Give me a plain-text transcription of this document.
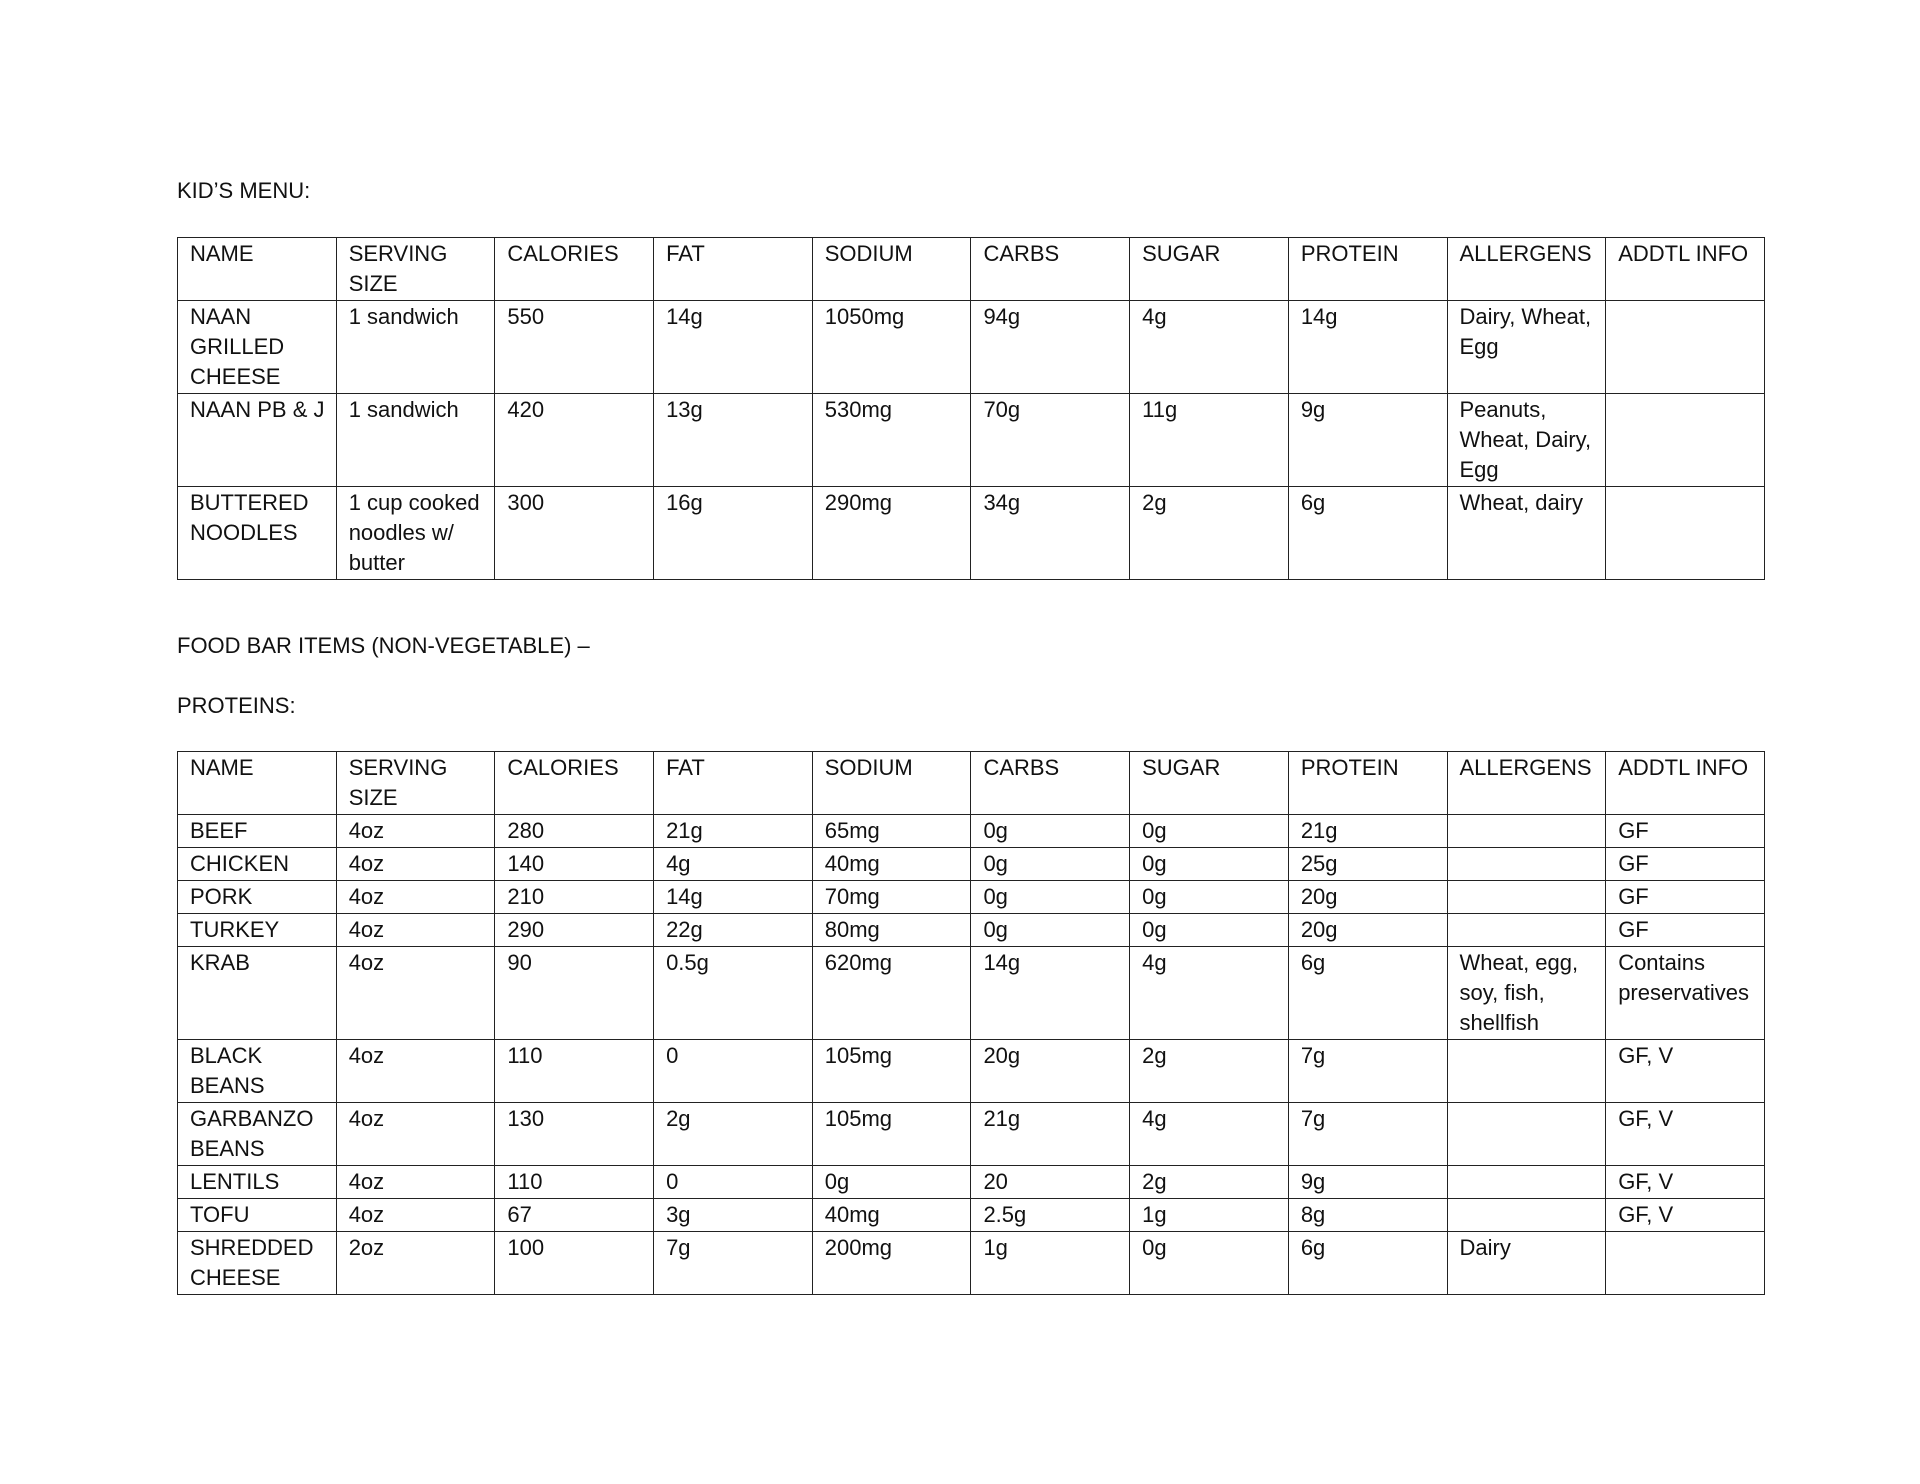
KID’S MENU:
NAME	SERVING SIZE	CALORIES	FAT	SODIUM	CARBS	SUGAR	PROTEIN	ALLERGENS	ADDTL INFO
NAAN GRILLED CHEESE	1 sandwich	550	14g	1050mg	94g	4g	14g	Dairy, Wheat, Egg	
NAAN PB & J	1 sandwich	420	13g	530mg	70g	11g	9g	Peanuts, Wheat, Dairy, Egg	
BUTTERED NOODLES	1 cup cooked noodles w/ butter	300	16g	290mg	34g	2g	6g	Wheat, dairy	
FOOD BAR ITEMS (NON-VEGETABLE) –
PROTEINS:
NAME	SERVING SIZE	CALORIES	FAT	SODIUM	CARBS	SUGAR	PROTEIN	ALLERGENS	ADDTL INFO
BEEF	4oz	280	21g	65mg	0g	0g	21g		GF
CHICKEN	4oz	140	4g	40mg	0g	0g	25g		GF
PORK	4oz	210	14g	70mg	0g	0g	20g		GF
TURKEY	4oz	290	22g	80mg	0g	0g	20g		GF
KRAB	4oz	90	0.5g	620mg	14g	4g	6g	Wheat, egg, soy, fish, shellfish	Contains preservatives
BLACK BEANS	4oz	110	0	105mg	20g	2g	7g		GF, V
GARBANZO BEANS	4oz	130	2g	105mg	21g	4g	7g		GF, V
LENTILS	4oz	110	0	0g	20	2g	9g		GF, V
TOFU	4oz	67	3g	40mg	2.5g	1g	8g		GF, V
SHREDDED CHEESE	2oz	100	7g	200mg	1g	0g	6g	Dairy	
